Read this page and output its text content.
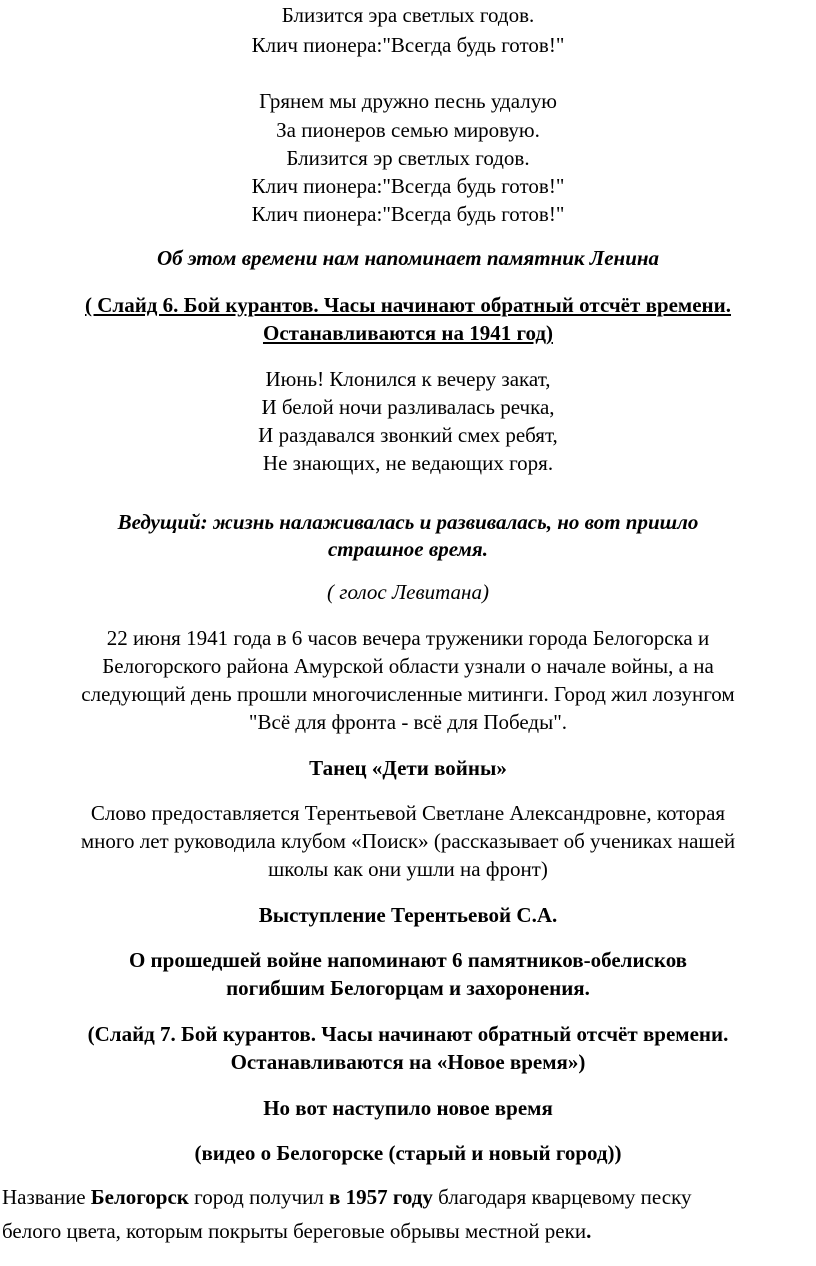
Близится эра светлых годов.
Клич пионера:"Всегда будь готов!"
Грянем мы дружно песнь удалую
За пионеров семью мировую.
Близится эр светлых годов.
Клич пионера:"Всегда будь готов!"
Клич пионера:"Всегда будь готов!"
Об этом времени нам напоминает памятник Ленина
( Слайд 6. Бой курантов. Часы начинают обратный отсчёт времени.
Останавливаются на 1941 год)
Июнь! Клонился к вечеру закат,
И белой ночи разливалась речка,
И раздавался звонкий смех ребят,
Не знающих, не ведающих горя.
Ведущий: жизнь налаживалась и развивалась, но вот пришло
страшное время.
( голос Левитана)
22 июня 1941 года в 6 часов вечера труженики города Белогорска и
Белогорского района Амурской области узнали о начале войны, а на
следующий день прошли многочисленные митинги. Город жил лозунгом
"Всё для фронта - всё для Победы".
Танец «Дети войны»
Слово предоставляется Терентьевой Светлане Александровне, которая
много лет руководила клубом «Поиск» (рассказывает об учениках нашей
школы как они ушли на фронт)
Выступление Терентьевой С.А.
О прошедшей войне напоминают 6 памятников-обелисков
погибшим Белогорцам и захоронения.
(Слайд 7. Бой курантов. Часы начинают обратный отсчёт времени.
Останавливаются на «Новое время»)
Но вот наступило новое время
(видео о Белогорске (старый и новый город))
Название Белогорск город получил в 1957 году благодаря кварцевому песку
белого цвета, которым покрыты береговые обрывы местной реки.
